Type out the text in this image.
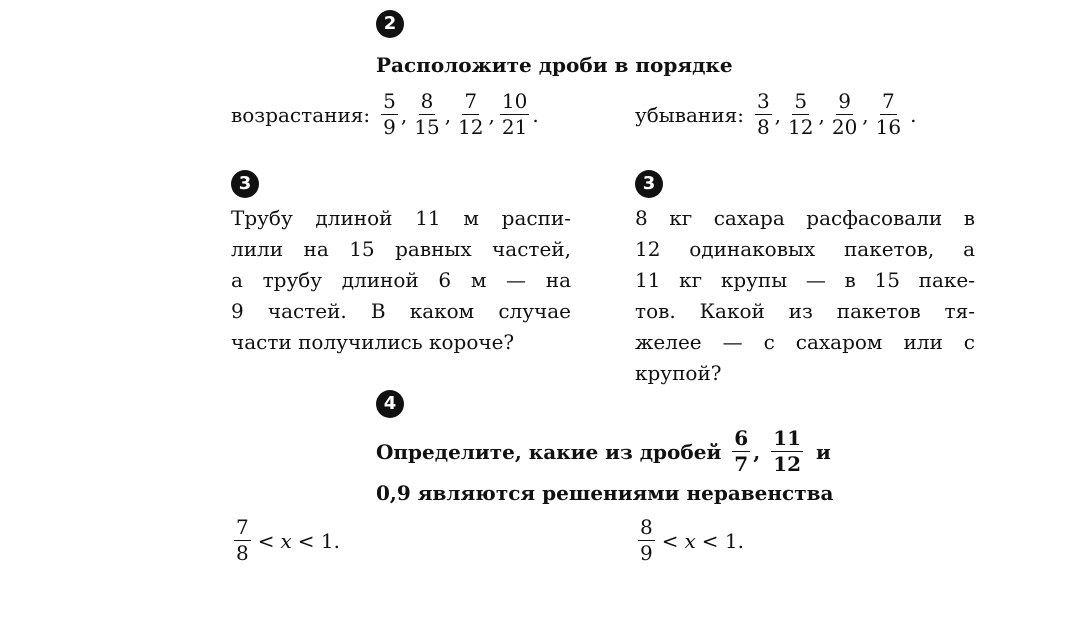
2
Расположите дроби в порядке
возрастания: $\frac{5}{9}$ , $\frac{8}{15}$ , $\frac{7}{12}$ , $\frac{10}{21}$ .	убывания: $\frac{3}{8}$ , $\frac{5}{12}$ , $\frac{9}{20}$ , $\frac{7}{16}$ .
3	3
Трубу длиной 11 м распи-
лили на 15 равных частей,
а трубу длиной 6 м — на
9 частей. В каком случае
части получились короче?
8 кг сахара расфасовали в
12 одинаковых пакетов, а
11 кг крупы — в 15 паке-
тов. Какой из пакетов тя-
желее — с сахаром или с
крупой?
4
Определите, какие из дробей $\frac{6}{7}$ , $\frac{11}{12}$ и
0,9 являются решениями неравенства
$\frac{7}{8} < x < 1$.	$\frac{8}{9} < x < 1$.
